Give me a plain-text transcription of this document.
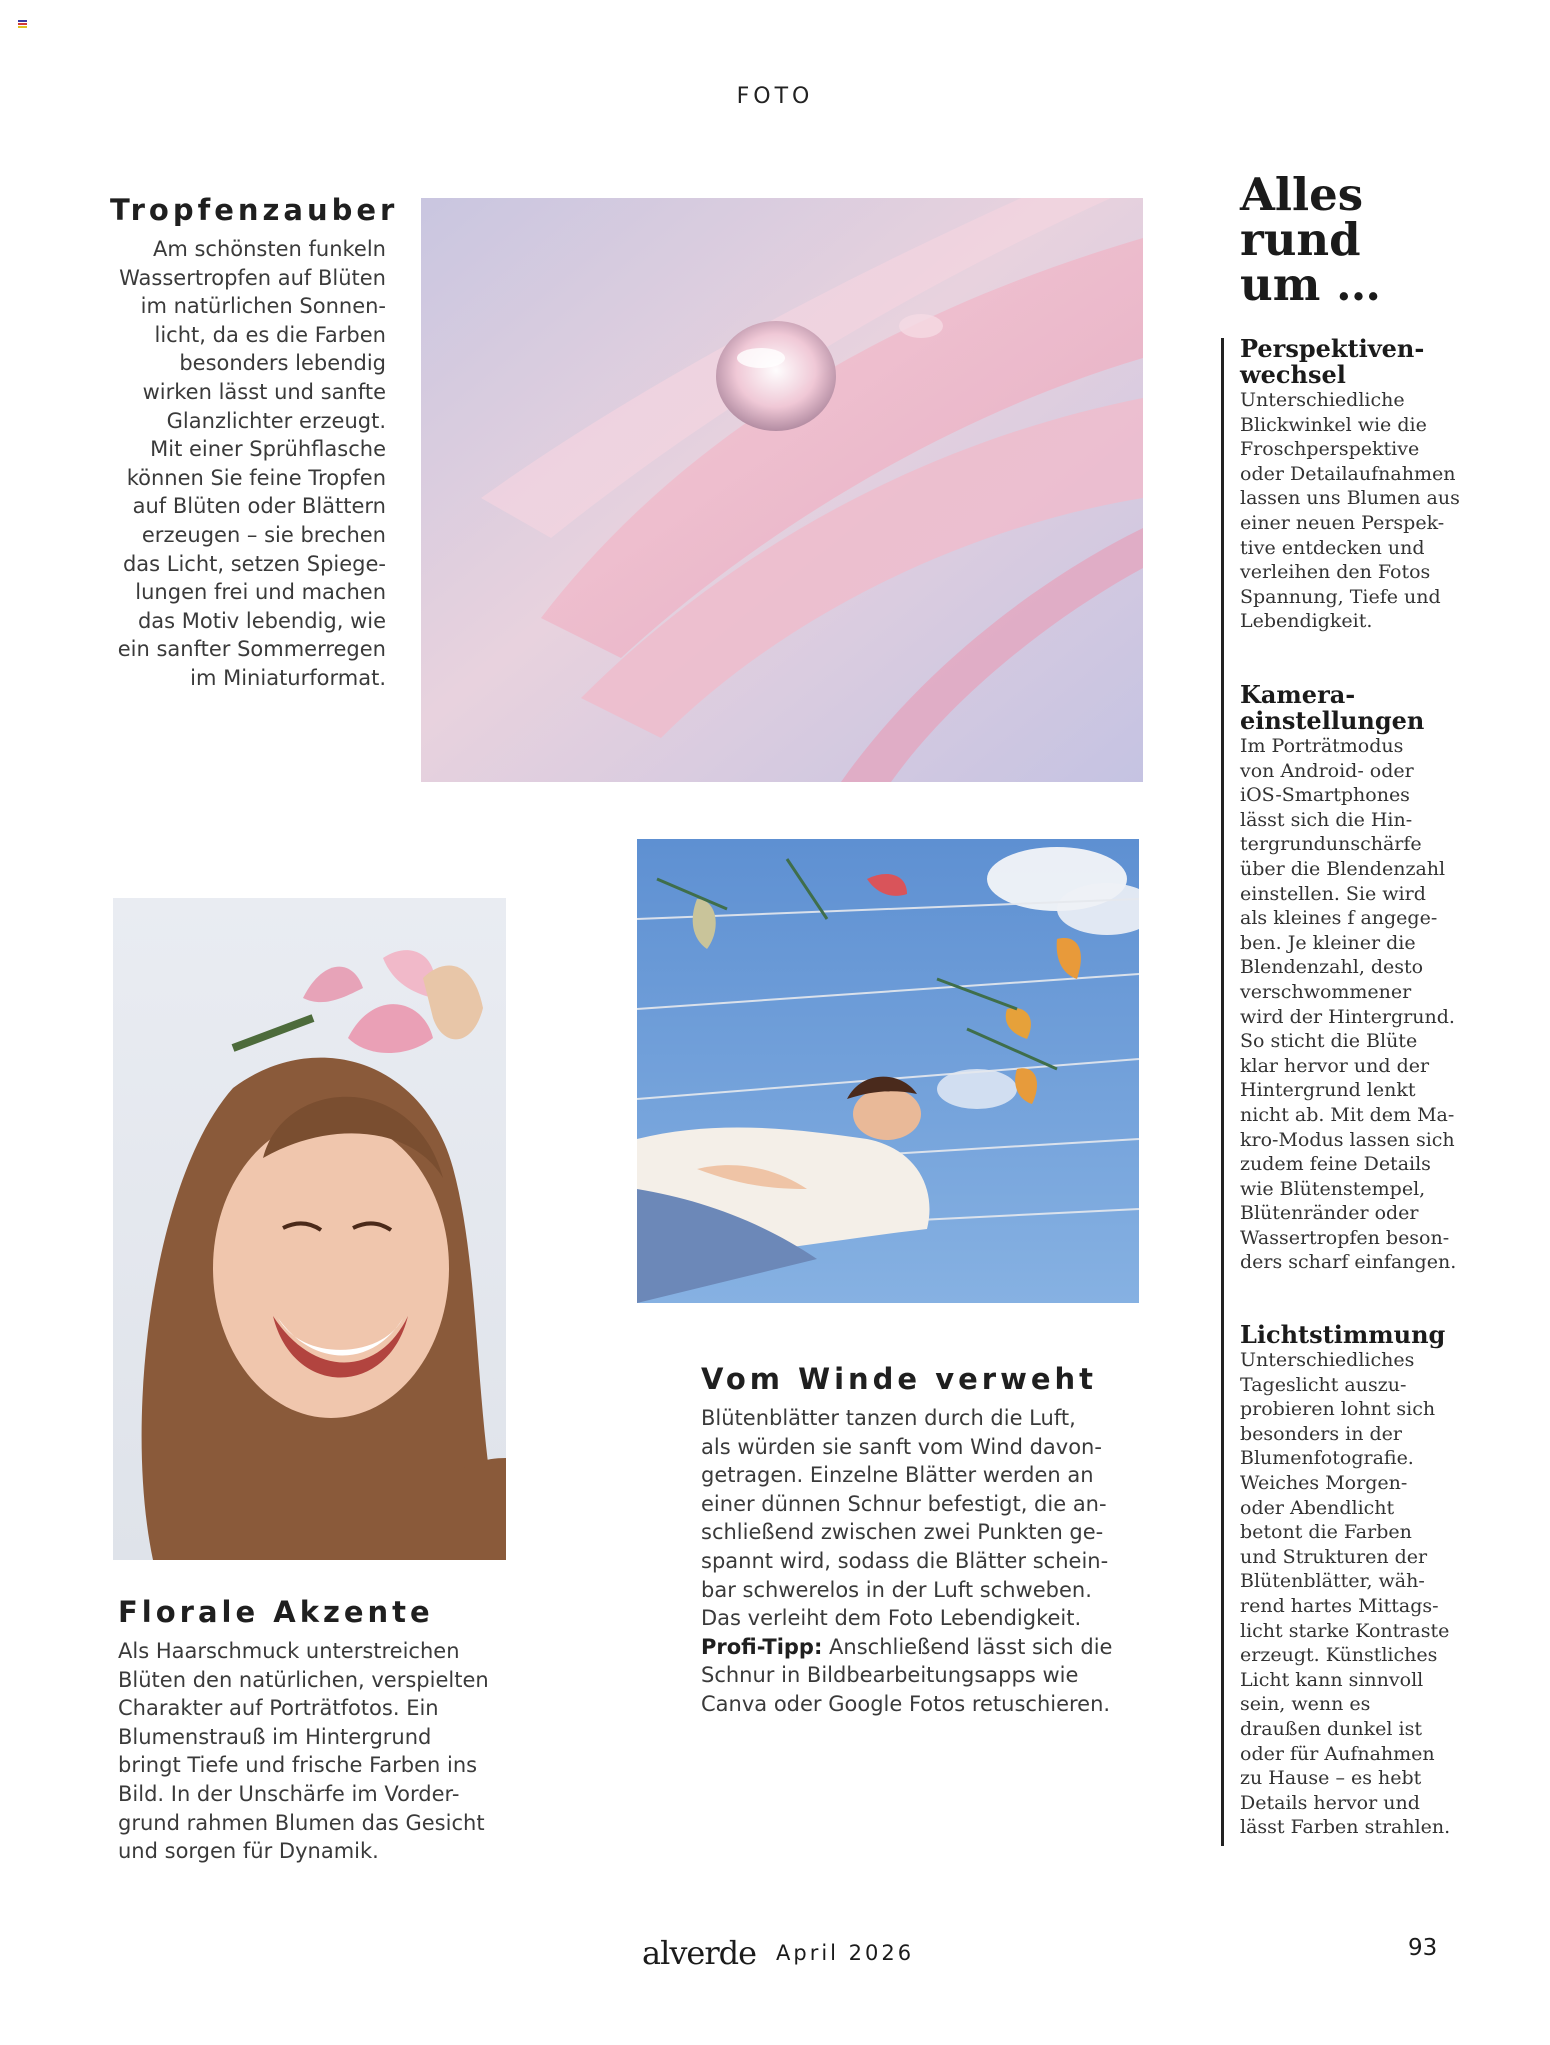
FOTO
Tropfenzauber
Am schönsten funkeln
Wassertropfen auf Blüten
im natürlichen Sonnen-
licht, da es die Farben
besonders lebendig
wirken lässt und sanfte
Glanzlichter erzeugt.
Mit einer Sprühflasche
können Sie feine Tropfen
auf Blüten oder Blättern
erzeugen – sie brechen
das Licht, setzen Spiege-
lungen frei und machen
das Motiv lebendig, wie
ein sanfter Sommerregen
im Miniaturformat.
Florale Akzente
Als Haarschmuck unterstreichen
Blüten den natürlichen, verspielten
Charakter auf Porträtfotos. Ein
Blumenstrauß im Hintergrund
bringt Tiefe und frische Farben ins
Bild. In der Unschärfe im Vorder-
grund rahmen Blumen das Gesicht
und sorgen für Dynamik.
Vom Winde verweht
Blütenblätter tanzen durch die Luft,
als würden sie sanft vom Wind davon-
getragen. Einzelne Blätter werden an
einer dünnen Schnur befestigt, die an-
schließend zwischen zwei Punkten ge-
spannt wird, sodass die Blätter schein-
bar schwerelos in der Luft schweben.
Das verleiht dem Foto Lebendigkeit.
Profi-Tipp: Anschließend lässt sich die
Schnur in Bildbearbeitungsapps wie
Canva oder Google Fotos retuschieren.
Alles
rund
um …
Perspektiven-
wechsel
Unterschiedliche
Blickwinkel wie die
Froschperspektive
oder Detailaufnahmen
lassen uns Blumen aus
einer neuen Perspek-
tive entdecken und
verleihen den Fotos
Spannung, Tiefe und
Lebendigkeit.
Kamera-
einstellungen
Im Porträtmodus
von Android- oder
iOS-Smartphones
lässt sich die Hin-
tergrundunschärfe
über die Blendenzahl
einstellen. Sie wird
als kleines f angege-
ben. Je kleiner die
Blendenzahl, desto
verschwommener
wird der Hintergrund.
So sticht die Blüte
klar hervor und der
Hintergrund lenkt
nicht ab. Mit dem Ma-
kro-Modus lassen sich
zudem feine Details
wie Blütenstempel,
Blütenränder oder
Wassertropfen beson-
ders scharf einfangen.
Lichtstimmung
Unterschiedliches
Tageslicht auszu-
probieren lohnt sich
besonders in der
Blumenfotografie.
Weiches Morgen-
oder Abendlicht
betont die Farben
und Strukturen der
Blütenblätter, wäh-
rend hartes Mittags-
licht starke Kontraste
erzeugt. Künstliches
Licht kann sinnvoll
sein, wenn es
draußen dunkel ist
oder für Aufnahmen
zu Hause – es hebt
Details hervor und
lässt Farben strahlen.
alverde April 2026	93
